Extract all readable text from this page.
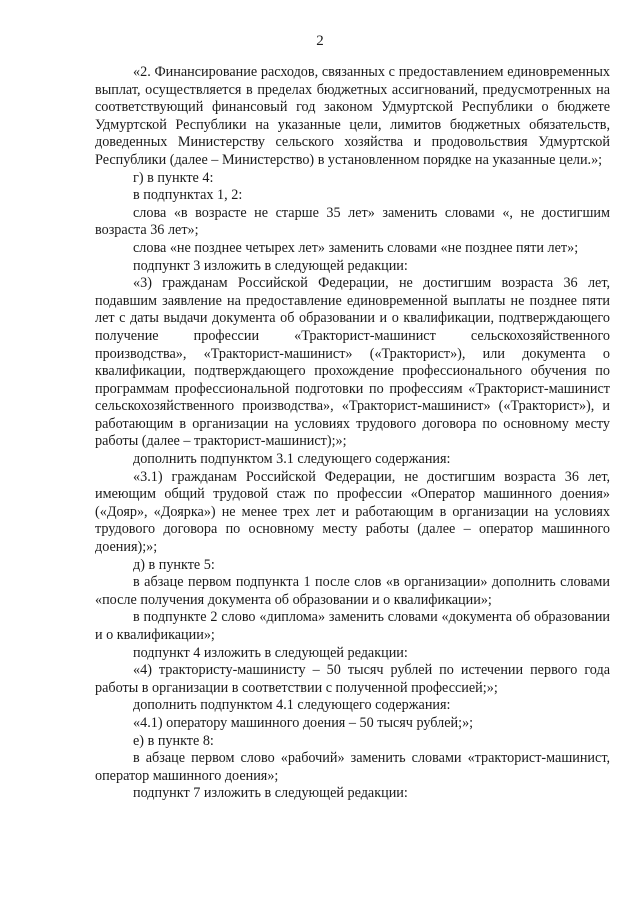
2

«2. Финансирование расходов, связанных с предоставлением единовременных выплат, осуществляется в пределах бюджетных ассигнований, предусмотренных на соответствующий финансовый год законом Удмуртской Республики о бюджете Удмуртской Республики на указанные цели, лимитов бюджетных обязательств, доведенных Министерству сельского хозяйства и продовольствия Удмуртской Республики (далее – Министерство) в установленном порядке на указанные цели.»;

г) в пункте 4:

в подпунктах 1, 2:

слова «в возрасте не старше 35 лет» заменить словами «, не достигшим возраста 36 лет»;

слова «не позднее четырех лет» заменить словами «не позднее пяти лет»;

подпункт 3 изложить в следующей редакции:

«3) гражданам Российской Федерации, не достигшим возраста 36 лет, подавшим заявление на предоставление единовременной выплаты не позднее пяти лет с даты выдачи документа об образовании и о квалификации, подтверждающего получение профессии «Тракторист-машинист сельскохозяйственного производства», «Тракторист-машинист» («Тракторист»), или документа о квалификации, подтверждающего прохождение профессионального обучения по программам профессиональной подготовки по профессиям «Тракторист-машинист сельскохозяйственного производства», «Тракторист-машинист» («Тракторист»), и работающим в организации на условиях трудового договора по основному месту работы (далее – тракторист-машинист);»;

дополнить подпунктом 3.1 следующего содержания:

«3.1) гражданам Российской Федерации, не достигшим возраста 36 лет, имеющим общий трудовой стаж по профессии «Оператор машинного доения» («Дояр», «Доярка») не менее трех лет и работающим в организации на условиях трудового договора по основному месту работы (далее – оператор машинного доения);»;

д) в пункте 5:

в абзаце первом подпункта 1 после слов «в организации» дополнить словами «после получения документа об образовании и о квалификации»;

в подпункте 2 слово «диплома» заменить словами «документа об образовании и о квалификации»;

подпункт 4 изложить в следующей редакции:

«4) трактористу-машинисту – 50 тысяч рублей по истечении первого года работы в организации в соответствии с полученной профессией;»;

дополнить подпунктом 4.1 следующего содержания:

«4.1) оператору машинного доения – 50 тысяч рублей;»;

е) в пункте 8:

в абзаце первом слово «рабочий» заменить словами «тракторист-машинист, оператор машинного доения»;

подпункт 7 изложить в следующей редакции:
